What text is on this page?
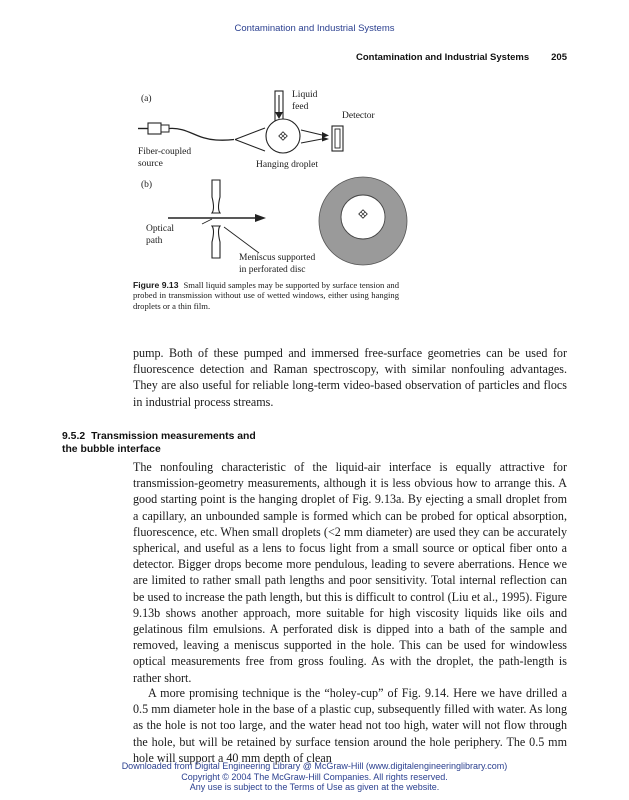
Contamination and Industrial Systems
Contamination and Industrial Systems 205
(a)	Liquid
feed
Detector
Fiber-coupled
source	Hanging droplet
(b)
Optical
path
Meniscus supported
in perforated disc
Figure 9.13 Small liquid samples may be supported by surface tension and probed in transmission without use of wetted windows, either using hanging droplets or a thin film.

pump. Both of these pumped and immersed free-surface geometries can be used for fluorescence detection and Raman spectroscopy, with similar nonfouling advantages. They are also useful for reliable long-term video-based observation of particles and flocs in industrial process streams.

9.5.2 Transmission measurements and
the bubble interface

The nonfouling characteristic of the liquid-air interface is equally attractive for transmission-geometry measurements, although it is less obvious how to arrange this. A good starting point is the hanging droplet of Fig. 9.13a. By ejecting a small droplet from a capillary, an unbounded sample is formed which can be probed for optical absorption, fluorescence, etc. When small droplets (<2 mm diameter) are used they can be accurately spherical, and useful as a lens to focus light from a small source or optical fiber onto a detector. Bigger drops become more pendulous, leading to severe aberrations. Hence we are limited to rather small path lengths and poor sensitivity. Total internal reflection can be used to increase the path length, but this is difficult to control (Liu et al., 1995). Figure 9.13b shows another approach, more suitable for high viscosity liquids like oils and gelatinous film emulsions. A perforated disk is dipped into a bath of the sample and removed, leaving a meniscus supported in the hole. This can be used for windowless optical measurements free from gross fouling. As with the droplet, the path-length is rather short.

A more promising technique is the “holey-cup” of Fig. 9.14. Here we have drilled a 0.5 mm diameter hole in the base of a plastic cup, subsequently filled with water. As long as the hole is not too large, and the water head not too high, water will not flow through the hole, but will be retained by surface tension around the hole periphery. The 0.5 mm hole will support a 40 mm depth of clean

Downloaded from Digital Engineering Library @ McGraw-Hill (www.digitalengineeringlibrary.com)
Copyright © 2004 The McGraw-Hill Companies. All rights reserved.
Any use is subject to the Terms of Use as given at the website.
